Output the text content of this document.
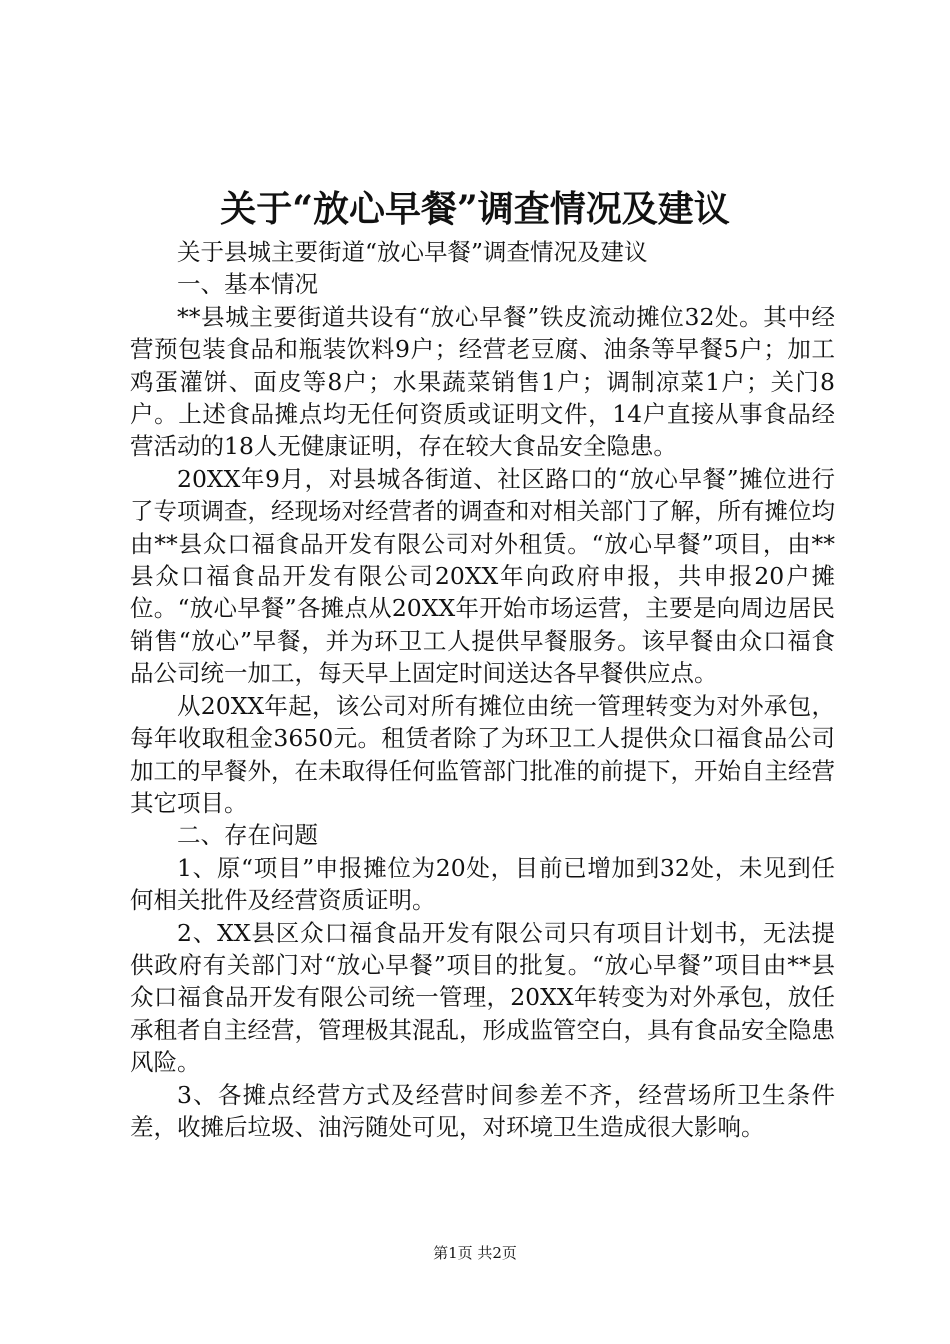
关于“放心早餐”调查情况及建议

关于县城主要街道“放心早餐”调查情况及建议

一、基本情况

**县城主要街道共设有“放心早餐”铁皮流动摊位32处。其中经营预包装食品和瓶装饮料9户；经营老豆腐、油条等早餐5户；加工鸡蛋灌饼、面皮等8户；水果蔬菜销售1户；调制凉菜1户；关门8户。上述食品摊点均无任何资质或证明文件，14户直接从事食品经营活动的18人无健康证明，存在较大食品安全隐患。

20XX年9月，对县城各街道、社区路口的“放心早餐”摊位进行了专项调查，经现场对经营者的调查和对相关部门了解，所有摊位均由**县众口福食品开发有限公司对外租赁。“放心早餐”项目，由**县众口福食品开发有限公司20XX年向政府申报，共申报20户摊位。“放心早餐”各摊点从20XX年开始市场运营，主要是向周边居民销售“放心”早餐，并为环卫工人提供早餐服务。该早餐由众口福食品公司统一加工，每天早上固定时间送达各早餐供应点。

从20XX年起，该公司对所有摊位由统一管理转变为对外承包，每年收取租金3650元。租赁者除了为环卫工人提供众口福食品公司加工的早餐外，在未取得任何监管部门批准的前提下，开始自主经营其它项目。

二、存在问题

1、原“项目”申报摊位为20处，目前已增加到32处，未见到任何相关批件及经营资质证明。

2、XX县区众口福食品开发有限公司只有项目计划书，无法提供政府有关部门对“放心早餐”项目的批复。“放心早餐”项目由**县众口福食品开发有限公司统一管理，20XX年转变为对外承包，放任承租者自主经营，管理极其混乱，形成监管空白，具有食品安全隐患风险。

3、各摊点经营方式及经营时间参差不齐，经营场所卫生条件差，收摊后垃圾、油污随处可见，对环境卫生造成很大影响。

第1页 共2页
